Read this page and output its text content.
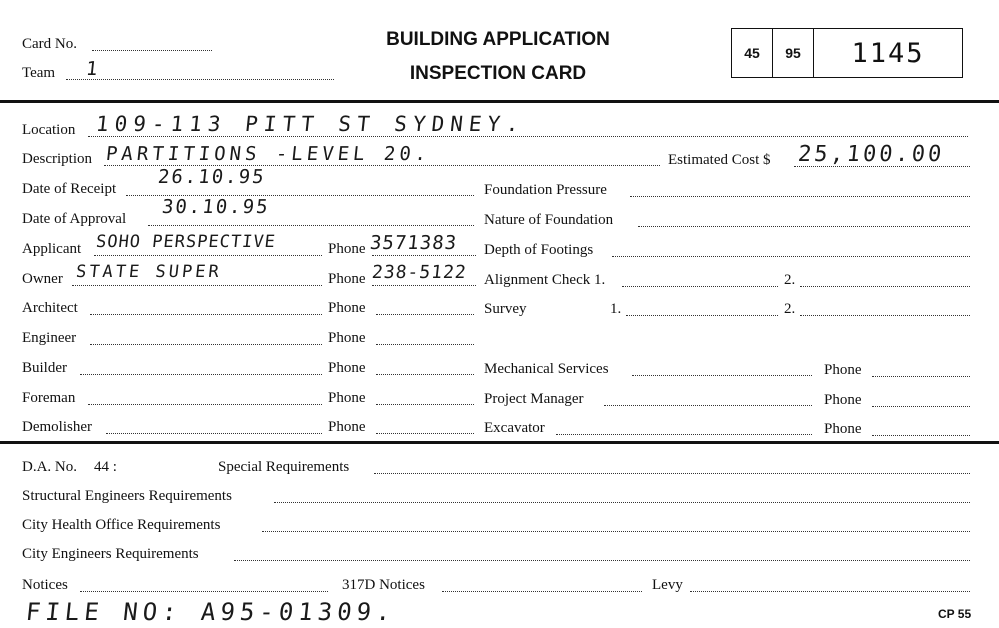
Card No.
Team 1
BUILDING APPLICATION
INSPECTION CARD
45	95	1145
Location 109-113 PITT ST SYDNEY.
Description PARTITIONS -LEVEL 20.	Estimated Cost $ 25,100.00
Date of Receipt
26.10.95
Foundation Pressure
Date of Approval
30.10.95
Nature of Foundation
Applicant SOHO PERSPECTIVE	Phone 3571383 Depth of Footings
Owner STATE SUPER	Phone 238-5122 Alignment Check 1.	2.
Architect	Phone	Survey	1.	2.
Engineer	Phone
Builder	Phone	Mechanical Services	Phone
Foreman	Phone	Project Manager	Phone
Demolisher	Phone	Excavator	Phone
D.A. No. 44 :	Special Requirements
Structural Engineers Requirements
City Health Office Requirements
City Engineers Requirements
Notices	317D Notices	Levy
FILE NO: A95-01309.	CP 55
